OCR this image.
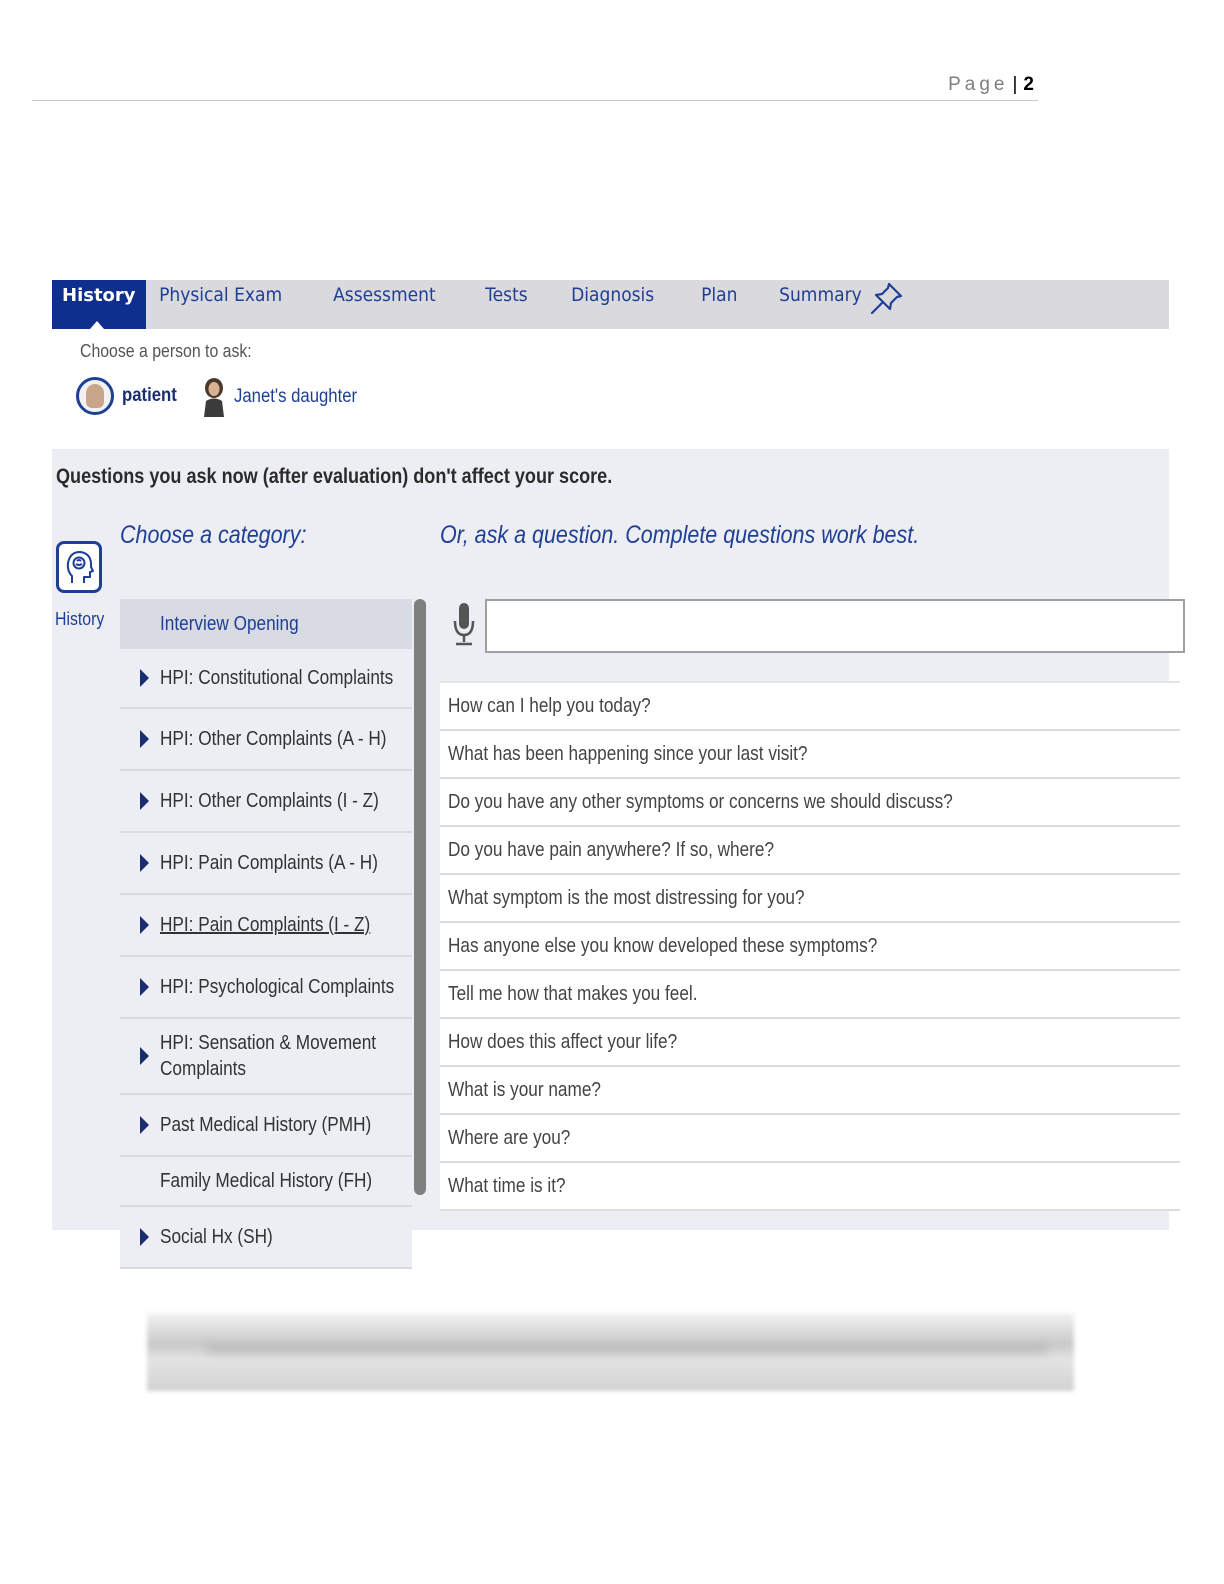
Page | 2
History	Physical Exam	Assessment	Tests	Diagnosis	Plan	Summary
Choose a person to ask:
patient	Janet's daughter
Questions you ask now (after evaluation) don't affect your score.
History
Choose a category:	Or, ask a question. Complete questions work best.
Interview Opening
HPI: Constitutional Complaints
HPI: Other Complaints (A - H)
HPI: Other Complaints (I - Z)
HPI: Pain Complaints (A - H)
HPI: Pain Complaints (I - Z)
HPI: Psychological Complaints
HPI: Sensation & Movement
Complaints
Past Medical History (PMH)
Family Medical History (FH)
Social Hx (SH)
How can I help you today?
What has been happening since your last visit?
Do you have any other symptoms or concerns we should discuss?
Do you have pain anywhere? If so, where?
What symptom is the most distressing for you?
Has anyone else you know developed these symptoms?
Tell me how that makes you feel.
How does this affect your life?
What is your name?
Where are you?
What time is it?
